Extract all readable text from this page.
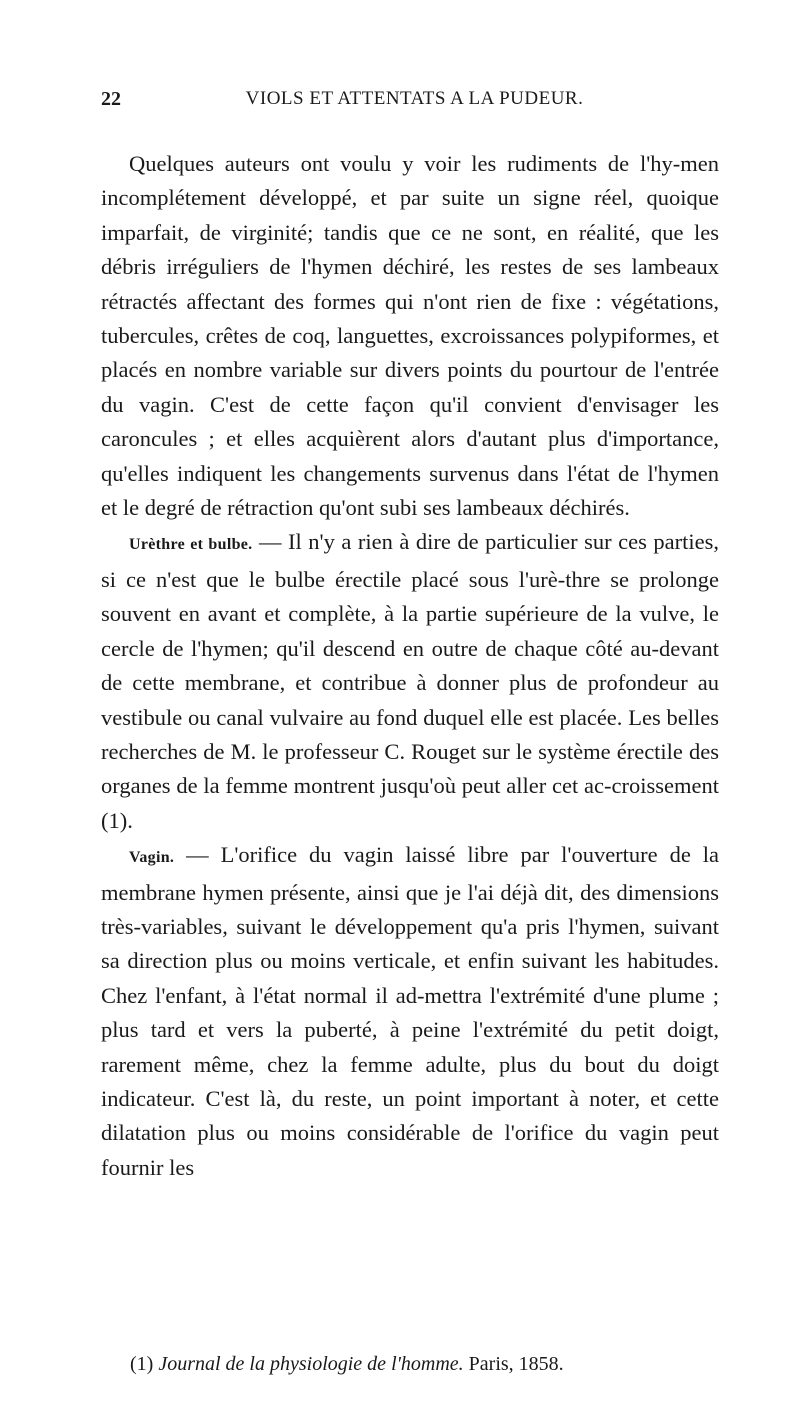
22	VIOLS ET ATTENTATS A LA PUDEUR.

Quelques auteurs ont voulu y voir les rudiments de l'hy-men incomplétement développé, et par suite un signe réel, quoique imparfait, de virginité; tandis que ce ne sont, en réalité, que les débris irréguliers de l'hymen déchiré, les restes de ses lambeaux rétractés affectant des formes qui n'ont rien de fixe : végétations, tubercules, crêtes de coq, languettes, excroissances polypiformes, et placés en nombre variable sur divers points du pourtour de l'entrée du vagin. C'est de cette façon qu'il convient d'envisager les caroncules ; et elles acquièrent alors d'autant plus d'importance, qu'elles indiquent les changements survenus dans l'état de l'hymen et le degré de rétraction qu'ont subi ses lambeaux déchirés.

Urèthre et bulbe. — Il n'y a rien à dire de particulier sur ces parties, si ce n'est que le bulbe érectile placé sous l'urè-thre se prolonge souvent en avant et complète, à la partie supérieure de la vulve, le cercle de l'hymen; qu'il descend en outre de chaque côté au-devant de cette membrane, et contribue à donner plus de profondeur au vestibule ou canal vulvaire au fond duquel elle est placée. Les belles recherches de M. le professeur C. Rouget sur le système érectile des organes de la femme montrent jusqu'où peut aller cet ac-croissement (1).

Vagin. — L'orifice du vagin laissé libre par l'ouverture de la membrane hymen présente, ainsi que je l'ai déjà dit, des dimensions très-variables, suivant le développement qu'a pris l'hymen, suivant sa direction plus ou moins verticale, et enfin suivant les habitudes. Chez l'enfant, à l'état normal il ad-mettra l'extrémité d'une plume ; plus tard et vers la puberté, à peine l'extrémité du petit doigt, rarement même, chez la femme adulte, plus du bout du doigt indicateur. C'est là, du reste, un point important à noter, et cette dilatation plus ou moins considérable de l'orifice du vagin peut fournir les

(1) Journal de la physiologie de l'homme. Paris, 1858.
